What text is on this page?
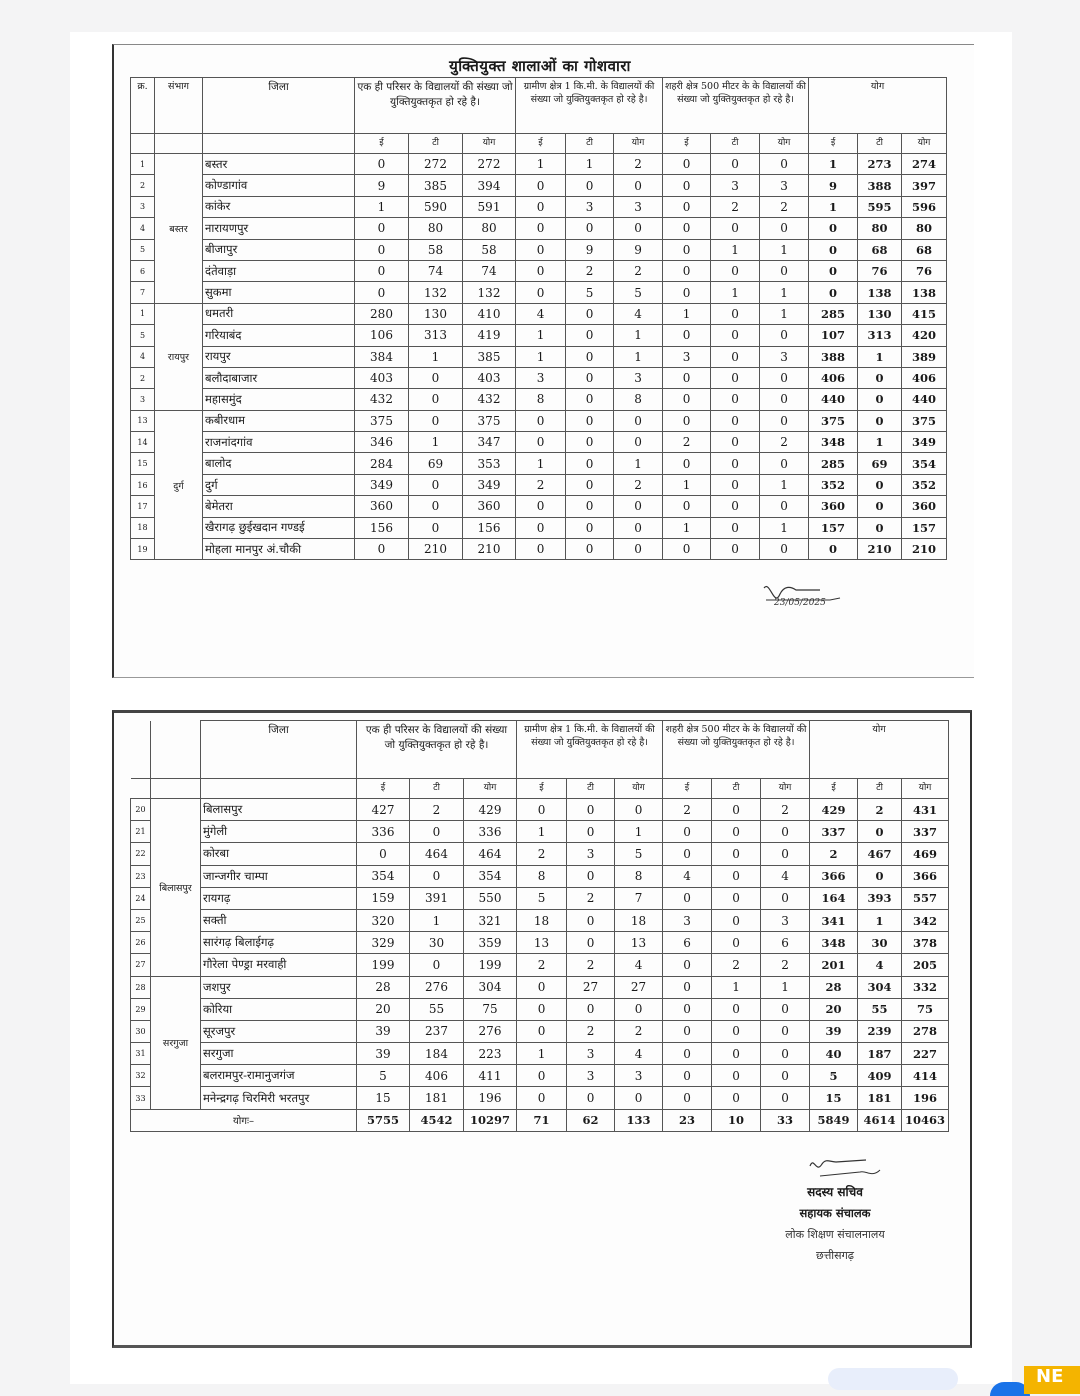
युक्तियुक्त शालाओं का गोशवारा
क्र.	संभाग	जिला	एक ही परिसर के विद्यालयों की संख्या जो युक्तियुक्तकृत हो रहे है।			ग्रामीण क्षेत्र 1 कि.मी. के विद्यालयों की संख्या जो युक्तियुक्तकृत हो रहे है।			शहरी क्षेत्र 500 मीटर के के विद्यालयों की संख्या जो युक्तियुक्तकृत हो रहे है।			योग		
			ई	टी	योग	ई	टी	योग	ई	टी	योग	ई	टी	योग
1	बस्तर	बस्तर	0	272	272	1	1	2	0	0	0	1	273	274
2		कोण्डागांव	9	385	394	0	0	0	0	3	3	9	388	397
3		कांकेर	1	590	591	0	3	3	0	2	2	1	595	596
4		नारायणपुर	0	80	80	0	0	0	0	0	0	0	80	80
5		बीजापुर	0	58	58	0	9	9	0	1	1	0	68	68
6		दंतेवाड़ा	0	74	74	0	2	2	0	0	0	0	76	76
7		सुकमा	0	132	132	0	5	5	0	1	1	0	138	138
1	रायपुर	धमतरी	280	130	410	4	0	4	1	0	1	285	130	415
5		गरियाबंद	106	313	419	1	0	1	0	0	0	107	313	420
4		रायपुर	384	1	385	1	0	1	3	0	3	388	1	389
2		बलौदाबाजार	403	0	403	3	0	3	0	0	0	406	0	406
3		महासमुंद	432	0	432	8	0	8	0	0	0	440	0	440
13	दुर्ग	कबीरधाम	375	0	375	0	0	0	0	0	0	375	0	375
14		राजनांदगांव	346	1	347	0	0	0	2	0	2	348	1	349
15		बालोद	284	69	353	1	0	1	0	0	0	285	69	354
16		दुर्ग	349	0	349	2	0	2	1	0	1	352	0	352
17		बेमेतरा	360	0	360	0	0	0	0	0	0	360	0	360
18		खैरागढ़ छुईखदान गण्डई	156	0	156	0	0	0	1	0	1	157	0	157
19		मोहला मानपुर अं.चौकी	0	210	210	0	0	0	0	0	0	0	210	210
23/05/2025
		जिला	एक ही परिसर के विद्यालयों की संख्या जो युक्तियुक्तकृत हो रहे है।			ग्रामीण क्षेत्र 1 कि.मी. के विद्यालयों की संख्या जो युक्तियुक्तकृत हो रहे है।			शहरी क्षेत्र 500 मीटर के के विद्यालयों की संख्या जो युक्तियुक्तकृत हो रहे है।			योग		
			ई	टी	योग	ई	टी	योग	ई	टी	योग	ई	टी	योग
20	बिलासपुर	बिलासपुर	427	2	429	0	0	0	2	0	2	429	2	431
21		मुंगेली	336	0	336	1	0	1	0	0	0	337	0	337
22		कोरबा	0	464	464	2	3	5	0	0	0	2	467	469
23		जान्जगीर चाम्पा	354	0	354	8	0	8	4	0	4	366	0	366
24		रायगढ़	159	391	550	5	2	7	0	0	0	164	393	557
25		सक्ती	320	1	321	18	0	18	3	0	3	341	1	342
26		सारंगढ़ बिलाईगढ़	329	30	359	13	0	13	6	0	6	348	30	378
27		गौरेला पेण्ड्रा मरवाही	199	0	199	2	2	4	0	2	2	201	4	205
28	सरगुजा	जशपुर	28	276	304	0	27	27	0	1	1	28	304	332
29		कोरिया	20	55	75	0	0	0	0	0	0	20	55	75
30		सूरजपुर	39	237	276	0	2	2	0	0	0	39	239	278
31		सरगुजा	39	184	223	1	3	4	0	0	0	40	187	227
32		बलरामपुर-रामानुजगंज	5	406	411	0	3	3	0	0	0	5	409	414
33		मनेन्द्रगढ़ चिरमिरी भरतपुर	15	181	196	0	0	0	0	0	0	15	181	196
योगः–			5755	4542	10297	71	62	133	23	10	33	5849	4614	10463
सदस्य सचिव
सहायक संचालक
लोक शिक्षण संचालनालय
छत्तीसगढ़
NE
